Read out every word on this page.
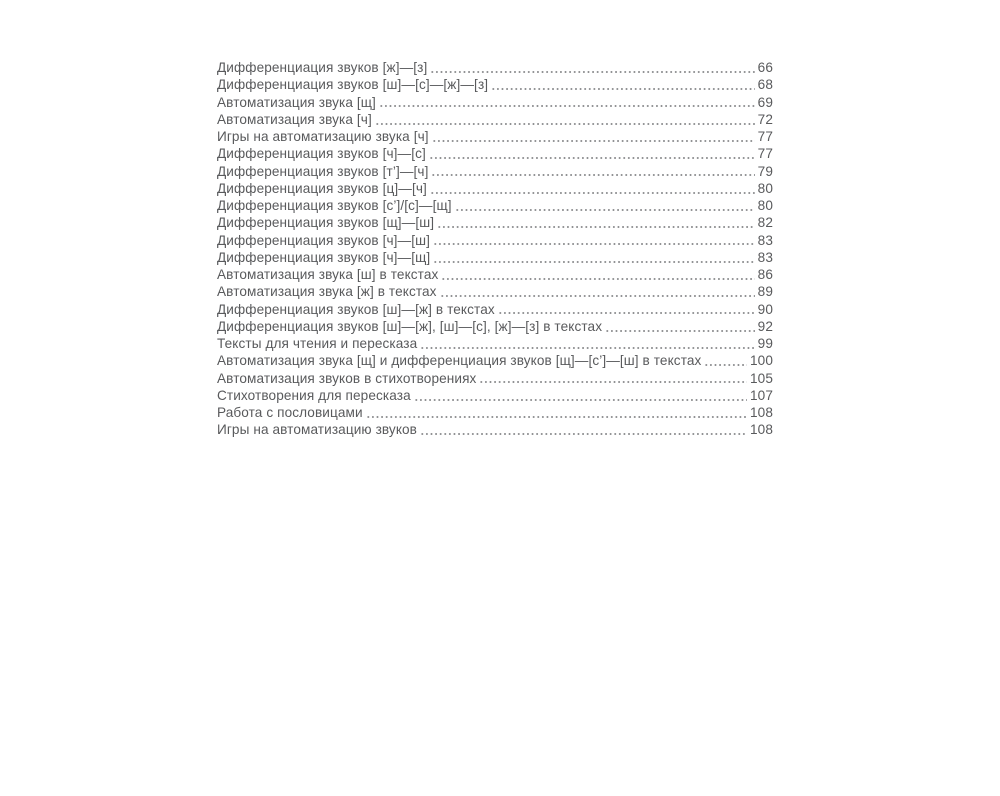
Дифференциация звуков [ж]—[з]	66
Дифференциация звуков [ш]—[с]—[ж]—[з]	68
Автоматизация звука [щ]	69
Автоматизация звука [ч]	72
Игры на автоматизацию звука [ч]	77
Дифференциация звуков [ч]—[с]	77
Дифференциация звуков [т’]—[ч]	79
Дифференциация звуков [ц]—[ч]	80
Дифференциация звуков [с’]/[с]—[щ]	80
Дифференциация звуков [щ]—[ш]	82
Дифференциация звуков [ч]—[ш]	83
Дифференциация звуков [ч]—[щ]	83
Автоматизация звука [ш] в текстах	86
Автоматизация звука [ж] в текстах	89
Дифференциация звуков [ш]—[ж] в текстах	90
Дифференциация звуков [ш]—[ж], [ш]—[с], [ж]—[з] в текстах	92
Тексты для чтения и пересказа	99
Автоматизация звука [щ] и дифференциация звуков [щ]—[с’]—[ш] в текстах	100
Автоматизация звуков в стихотворениях	105
Стихотворения для пересказа	107
Работа с пословицами	108
Игры на автоматизацию звуков	108
